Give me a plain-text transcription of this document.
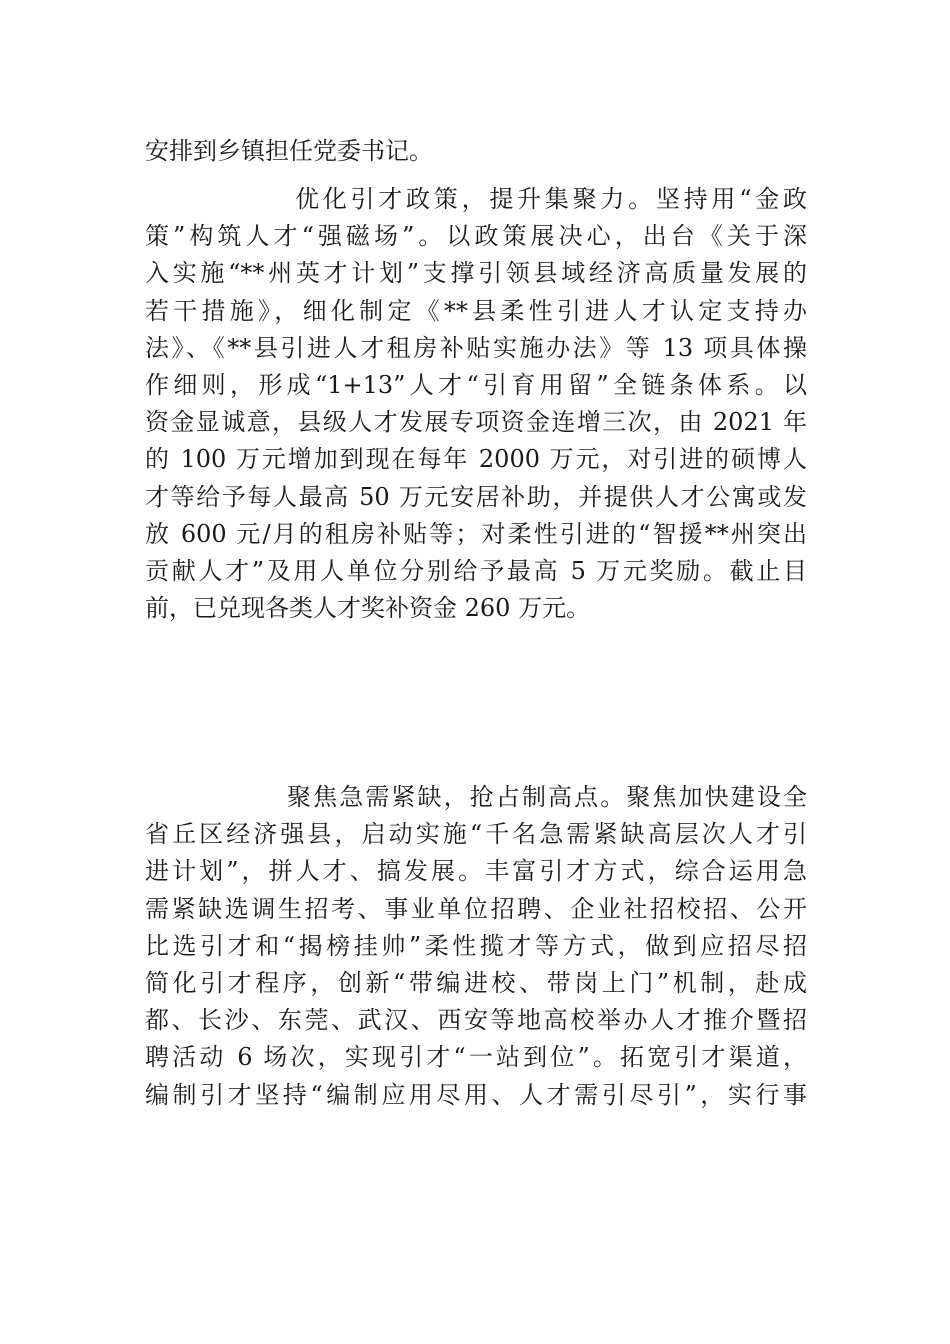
安排到乡镇担任党委书记。
优化引才政策，提升集聚力。坚持用“金政
策”构筑人才“强磁场”。以政策展决心，出台《关于深
入实施“**州英才计划”支撑引领县域经济高质量发展的
若干措施》，细化制定《**县柔性引进人才认定支持办
法》、《**县引进人才租房补贴实施办法》等 13 项具体操
作细则，形成“1+13”人才“引育用留”全链条体系。以
资金显诚意，县级人才发展专项资金连增三次，由 2021 年
的 100 万元增加到现在每年 2000 万元，对引进的硕博人
才等给予每人最高 50 万元安居补助，并提供人才公寓或发
放 600 元/月的租房补贴等；对柔性引进的“智援**州突出
贡献人才”及用人单位分别给予最高 5 万元奖励。截止目
前，已兑现各类人才奖补资金 260 万元。
聚焦急需紧缺，抢占制高点。聚焦加快建设全
省丘区经济强县，启动实施“千名急需紧缺高层次人才引
进计划”，拼人才、搞发展。丰富引才方式，综合运用急
需紧缺选调生招考、事业单位招聘、企业社招校招、公开
比选引才和“揭榜挂帅”柔性揽才等方式，做到应招尽招
简化引才程序，创新“带编进校、带岗上门”机制，赴成
都、长沙、东莞、武汉、西安等地高校举办人才推介暨招
聘活动 6 场次，实现引才“一站到位”。拓宽引才渠道，
编制引才坚持“编制应用尽用、人才需引尽引”，实行事
